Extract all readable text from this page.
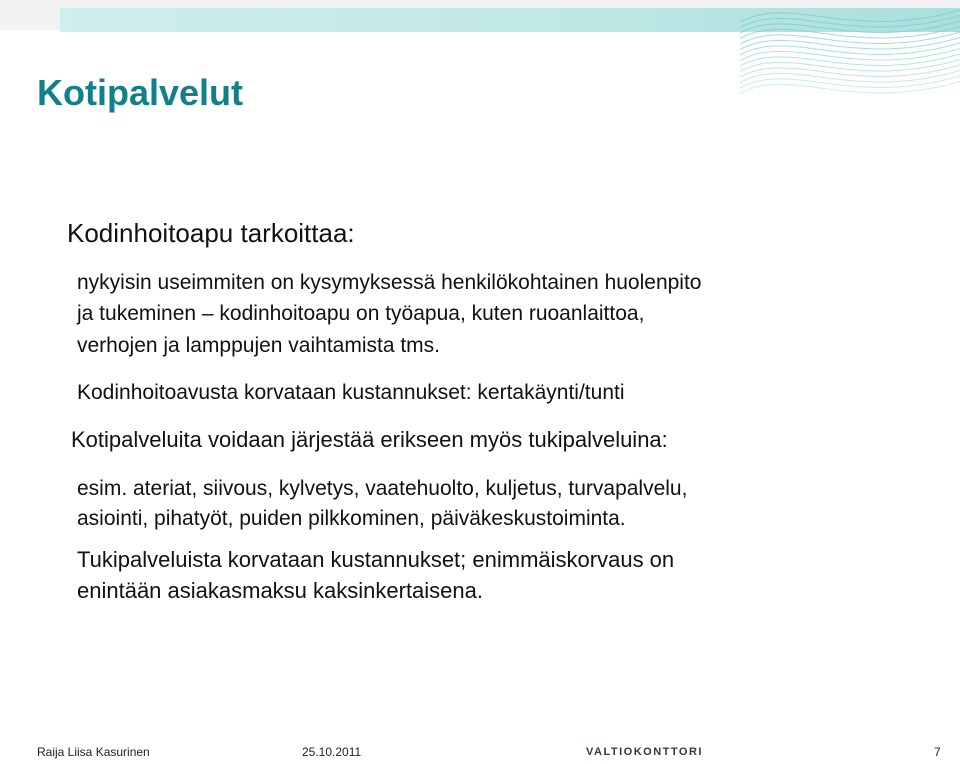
Kotipalvelut

Kodinhoitoapu tarkoittaa:

nykyisin useimmiten on kysymyksessä henkilökohtainen huolenpito

ja tukeminen – kodinhoitoapu on työapua, kuten ruoanlaittoa,

verhojen ja lamppujen vaihtamista tms.

Kodinhoitoavusta korvataan kustannukset: kertakäynti/tunti

Kotipalveluita voidaan järjestää erikseen myös tukipalveluina:

esim. ateriat, siivous, kylvetys, vaatehuolto, kuljetus, turvapalvelu,

asiointi, pihatyöt, puiden pilkkominen, päiväkeskustoiminta.

Tukipalveluista korvataan kustannukset; enimmäiskorvaus on

enintään asiakasmaksu kaksinkertaisena.

Raija Liisa Kasurinen	25.10.2011	VALTIOKONTTORI	7
